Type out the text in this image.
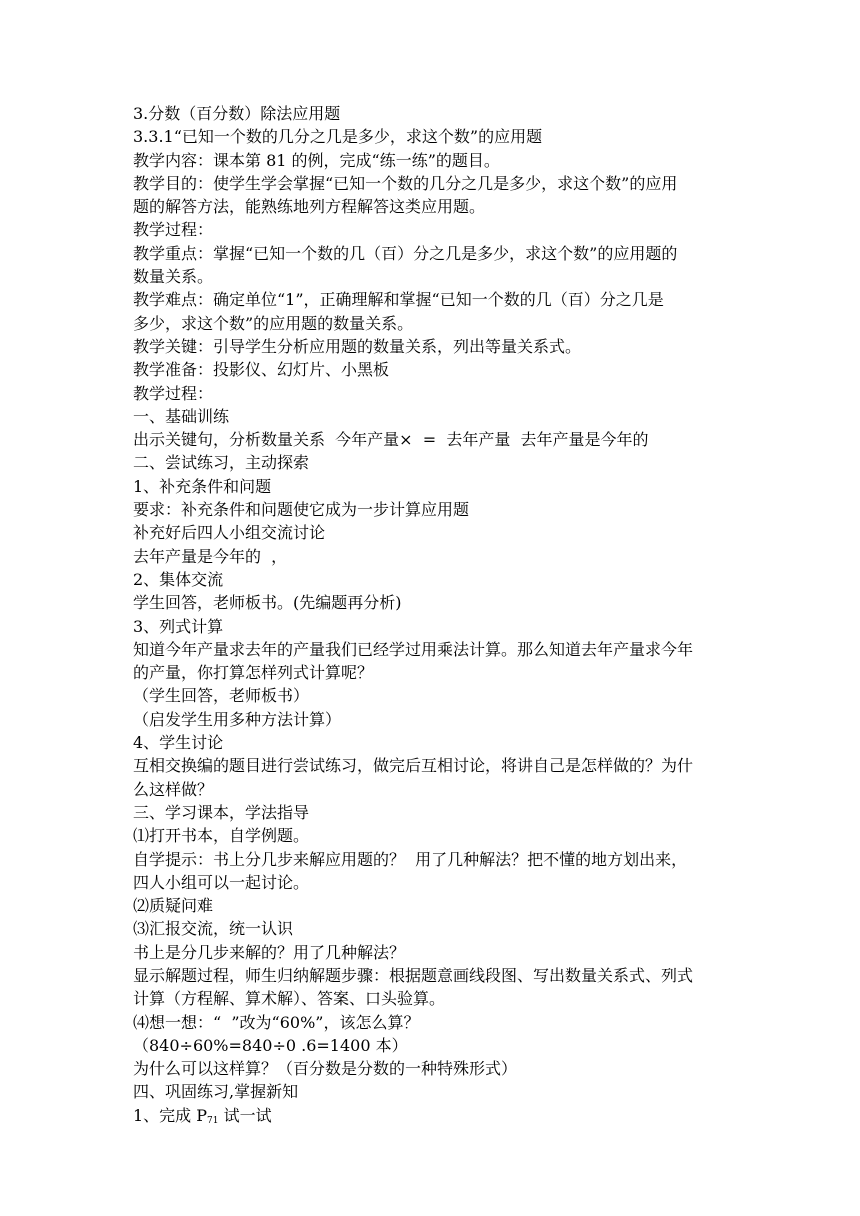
3.分数（百分数）除法应用题
3.3.1“已知一个数的几分之几是多少，求这个数”的应用题
教学内容：课本第 81 的例，完成“练一练”的题目。
教学目的：使学生学会掌握“已知一个数的几分之几是多少，求这个数”的应用
题的解答方法，能熟练地列方程解答这类应用题。
教学过程：
教学重点：掌握“已知一个数的几（百）分之几是多少，求这个数”的应用题的
数量关系。
教学难点：确定单位“1”，正确理解和掌握“已知一个数的几（百）分之几是
多少，求这个数”的应用题的数量关系。
教学关键：引导学生分析应用题的数量关系，列出等量关系式。
教学准备：投影仪、幻灯片、小黑板
教学过程：
一、基础训练
出示关键句，分析数量关系  今年产量×  =  去年产量  去年产量是今年的
二、尝试练习，主动探索
1、补充条件和问题
要求：补充条件和问题使它成为一步计算应用题
补充好后四人小组交流讨论
去年产量是今年的  ，
2、集体交流
学生回答，老师板书。(先编题再分析)
3、列式计算
知道今年产量求去年的产量我们已经学过用乘法计算。那么知道去年产量求今年
的产量，你打算怎样列式计算呢？
（学生回答，老师板书）
（启发学生用多种方法计算）
4、学生讨论
互相交换编的题目进行尝试练习，做完后互相讨论，将讲自己是怎样做的？为什
么这样做？
三、学习课本，学法指导
⑴打开书本，自学例题。
自学提示：书上分几步来解应用题的？  用了几种解法？把不懂的地方划出来，
四人小组可以一起讨论。
⑵质疑问难
⑶汇报交流，统一认识
书上是分几步来解的？用了几种解法？
显示解题过程，师生归纳解题步骤：根据题意画线段图、写出数量关系式、列式
计算（方程解、算术解）、答案、口头验算。
⑷想一想：“  ”改为“60%”，该怎么算？
（840÷60%=840÷0 .6=1400 本）
为什么可以这样算？（百分数是分数的一种特殊形式）
四、巩固练习,掌握新知
1、完成 $P_{71}$ 试一试
